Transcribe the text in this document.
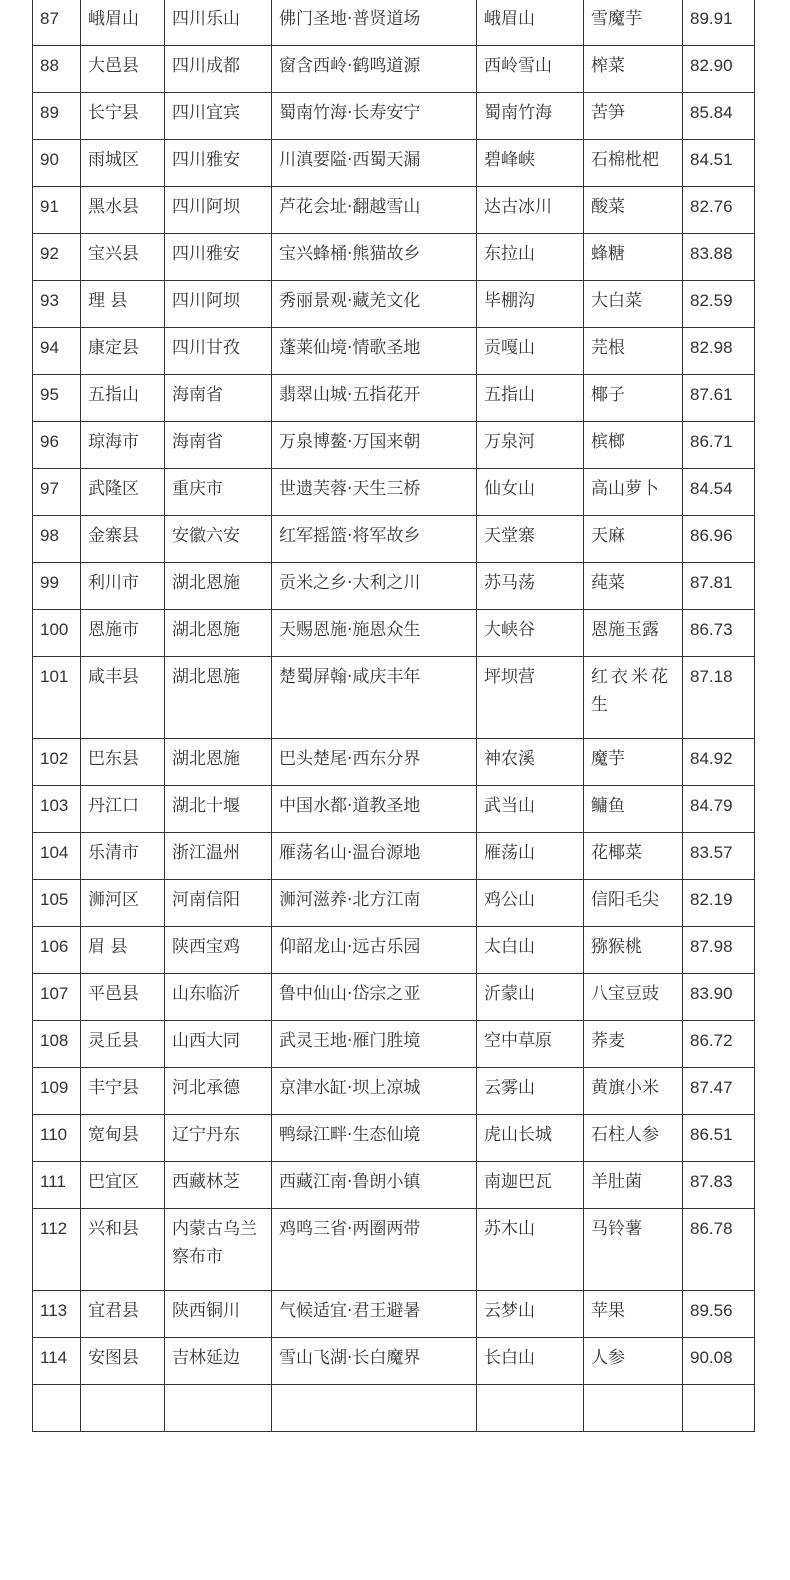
87	峨眉山	四川乐山	佛门圣地·普贤道场	峨眉山	雪魔芋	89.91
88	大邑县	四川成都	窗含西岭·鹤鸣道源	西岭雪山	榨菜	82.90
89	长宁县	四川宜宾	蜀南竹海·长寿安宁	蜀南竹海	苦笋	85.84
90	雨城区	四川雅安	川滇要隘·西蜀天漏	碧峰峡	石棉枇杷	84.51
91	黑水县	四川阿坝	芦花会址·翻越雪山	达古冰川	酸菜	82.76
92	宝兴县	四川雅安	宝兴蜂桶·熊猫故乡	东拉山	蜂糖	83.88
93	理 县	四川阿坝	秀丽景观·藏羌文化	毕棚沟	大白菜	82.59
94	康定县	四川甘孜	蓬莱仙境·情歌圣地	贡嘎山	芫根	82.98
95	五指山	海南省	翡翠山城·五指花开	五指山	椰子	87.61
96	琼海市	海南省	万泉博鳌·万国来朝	万泉河	槟榔	86.71
97	武隆区	重庆市	世遗芙蓉·天生三桥	仙女山	高山萝卜	84.54
98	金寨县	安徽六安	红军摇篮·将军故乡	天堂寨	天麻	86.96
99	利川市	湖北恩施	贡米之乡·大利之川	苏马荡	莼菜	87.81
100	恩施市	湖北恩施	天赐恩施·施恩众生	大峡谷	恩施玉露	86.73
101	咸丰县	湖北恩施	楚蜀屏翰·咸庆丰年	坪坝营	红衣米花生	87.18
102	巴东县	湖北恩施	巴头楚尾·西东分界	神农溪	魔芋	84.92
103	丹江口	湖北十堰	中国水都·道教圣地	武当山	鳙鱼	84.79
104	乐清市	浙江温州	雁荡名山·温台源地	雁荡山	花椰菜	83.57
105	浉河区	河南信阳	浉河滋养·北方江南	鸡公山	信阳毛尖	82.19
106	眉 县	陕西宝鸡	仰韶龙山·远古乐园	太白山	猕猴桃	87.98
107	平邑县	山东临沂	鲁中仙山·岱宗之亚	沂蒙山	八宝豆豉	83.90
108	灵丘县	山西大同	武灵王地·雁门胜境	空中草原	荞麦	86.72
109	丰宁县	河北承德	京津水缸·坝上凉城	云雾山	黄旗小米	87.47
110	宽甸县	辽宁丹东	鸭绿江畔·生态仙境	虎山长城	石柱人参	86.51
111	巴宜区	西藏林芝	西藏江南·鲁朗小镇	南迦巴瓦	羊肚菌	87.83
112	兴和县	内蒙古乌兰察布市	鸡鸣三省·两圈两带	苏木山	马铃薯	86.78
113	宜君县	陕西铜川	气候适宜·君王避暑	云梦山	苹果	89.56
114	安图县	吉林延边	雪山飞湖·长白魔界	长白山	人参	90.08
